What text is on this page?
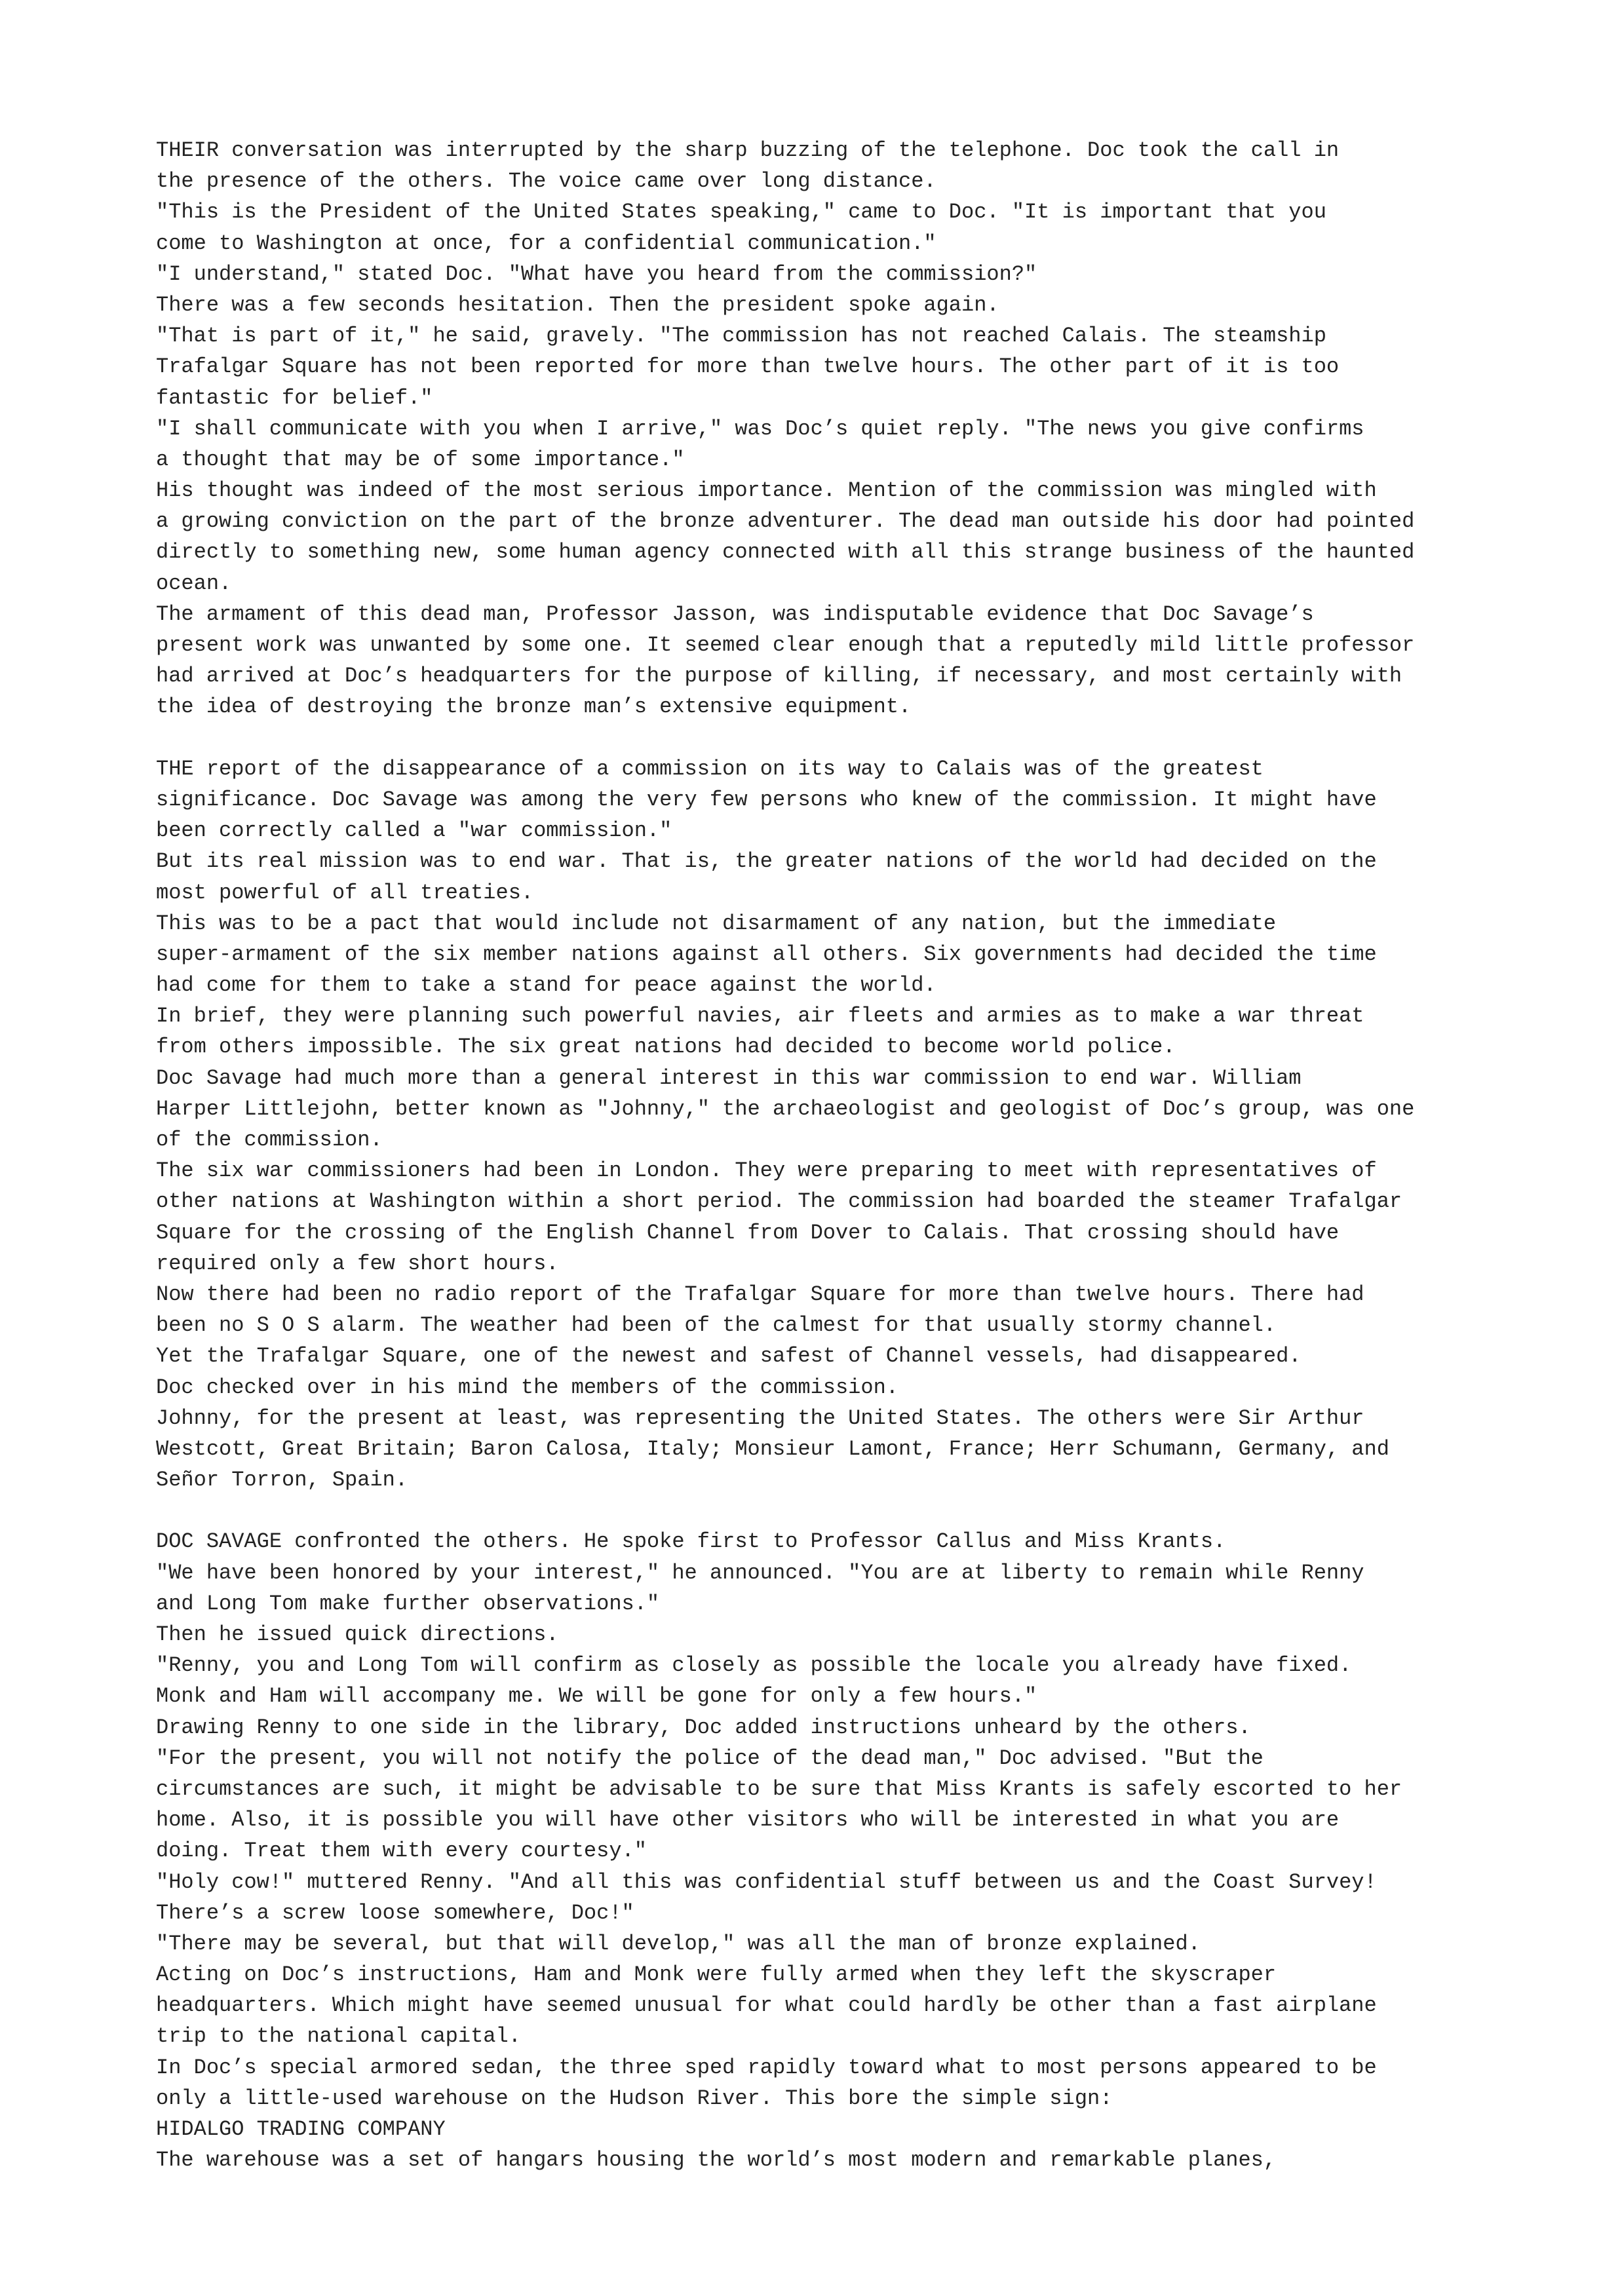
THEIR conversation was interrupted by the sharp buzzing of the telephone. Doc took the call in
the presence of the others. The voice came over long distance.
"This is the President of the United States speaking," came to Doc. "It is important that you
come to Washington at once, for a confidential communication."
"I understand," stated Doc. "What have you heard from the commission?"
There was a few seconds hesitation. Then the president spoke again.
"That is part of it," he said, gravely. "The commission has not reached Calais. The steamship
Trafalgar Square has not been reported for more than twelve hours. The other part of it is too
fantastic for belief."
"I shall communicate with you when I arrive," was Doc’s quiet reply. "The news you give confirms
a thought that may be of some importance."
His thought was indeed of the most serious importance. Mention of the commission was mingled with
a growing conviction on the part of the bronze adventurer. The dead man outside his door had pointed
directly to something new, some human agency connected with all this strange business of the haunted
ocean.
The armament of this dead man, Professor Jasson, was indisputable evidence that Doc Savage’s
present work was unwanted by some one. It seemed clear enough that a reputedly mild little professor
had arrived at Doc’s headquarters for the purpose of killing, if necessary, and most certainly with
the idea of destroying the bronze man’s extensive equipment.
THE report of the disappearance of a commission on its way to Calais was of the greatest
significance. Doc Savage was among the very few persons who knew of the commission. It might have
been correctly called a "war commission."
But its real mission was to end war. That is, the greater nations of the world had decided on the
most powerful of all treaties.
This was to be a pact that would include not disarmament of any nation, but the immediate
super-armament of the six member nations against all others. Six governments had decided the time
had come for them to take a stand for peace against the world.
In brief, they were planning such powerful navies, air fleets and armies as to make a war threat
from others impossible. The six great nations had decided to become world police.
Doc Savage had much more than a general interest in this war commission to end war. William
Harper Littlejohn, better known as "Johnny," the archaeologist and geologist of Doc’s group, was one
of the commission.
The six war commissioners had been in London. They were preparing to meet with representatives of
other nations at Washington within a short period. The commission had boarded the steamer Trafalgar
Square for the crossing of the English Channel from Dover to Calais. That crossing should have
required only a few short hours.
Now there had been no radio report of the Trafalgar Square for more than twelve hours. There had
been no S O S alarm. The weather had been of the calmest for that usually stormy channel.
Yet the Trafalgar Square, one of the newest and safest of Channel vessels, had disappeared.
Doc checked over in his mind the members of the commission.
Johnny, for the present at least, was representing the United States. The others were Sir Arthur
Westcott, Great Britain; Baron Calosa, Italy; Monsieur Lamont, France; Herr Schumann, Germany, and
Señor Torron, Spain.
DOC SAVAGE confronted the others. He spoke first to Professor Callus and Miss Krants.
"We have been honored by your interest," he announced. "You are at liberty to remain while Renny
and Long Tom make further observations."
Then he issued quick directions.
"Renny, you and Long Tom will confirm as closely as possible the locale you already have fixed.
Monk and Ham will accompany me. We will be gone for only a few hours."
Drawing Renny to one side in the library, Doc added instructions unheard by the others.
"For the present, you will not notify the police of the dead man," Doc advised. "But the
circumstances are such, it might be advisable to be sure that Miss Krants is safely escorted to her
home. Also, it is possible you will have other visitors who will be interested in what you are
doing. Treat them with every courtesy."
"Holy cow!" muttered Renny. "And all this was confidential stuff between us and the Coast Survey!
There’s a screw loose somewhere, Doc!"
"There may be several, but that will develop," was all the man of bronze explained.
Acting on Doc’s instructions, Ham and Monk were fully armed when they left the skyscraper
headquarters. Which might have seemed unusual for what could hardly be other than a fast airplane
trip to the national capital.
In Doc’s special armored sedan, the three sped rapidly toward what to most persons appeared to be
only a little-used warehouse on the Hudson River. This bore the simple sign:
HIDALGO TRADING COMPANY
The warehouse was a set of hangars housing the world’s most modern and remarkable planes,
